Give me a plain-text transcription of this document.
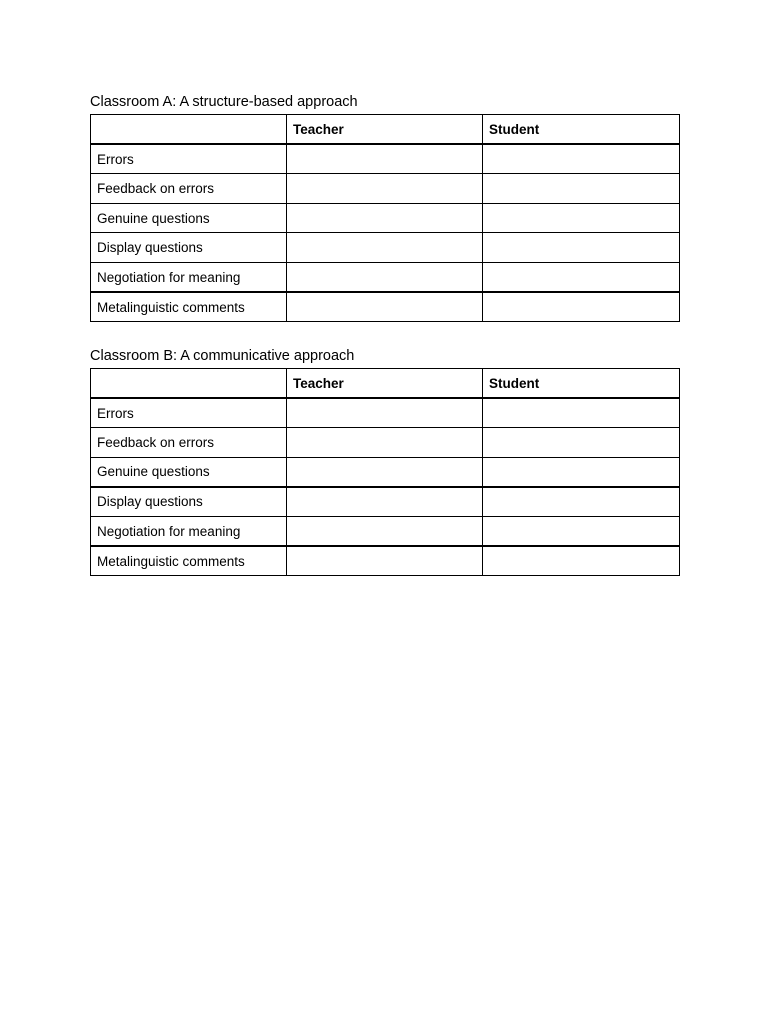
Classroom A: A structure-based approach
	Teacher	Student
Errors		
Feedback on errors		
Genuine questions		
Display questions		
Negotiation for meaning		
Metalinguistic comments		
Classroom B: A communicative approach
	Teacher	Student
Errors		
Feedback on errors		
Genuine questions		
Display questions		
Negotiation for meaning		
Metalinguistic comments		
